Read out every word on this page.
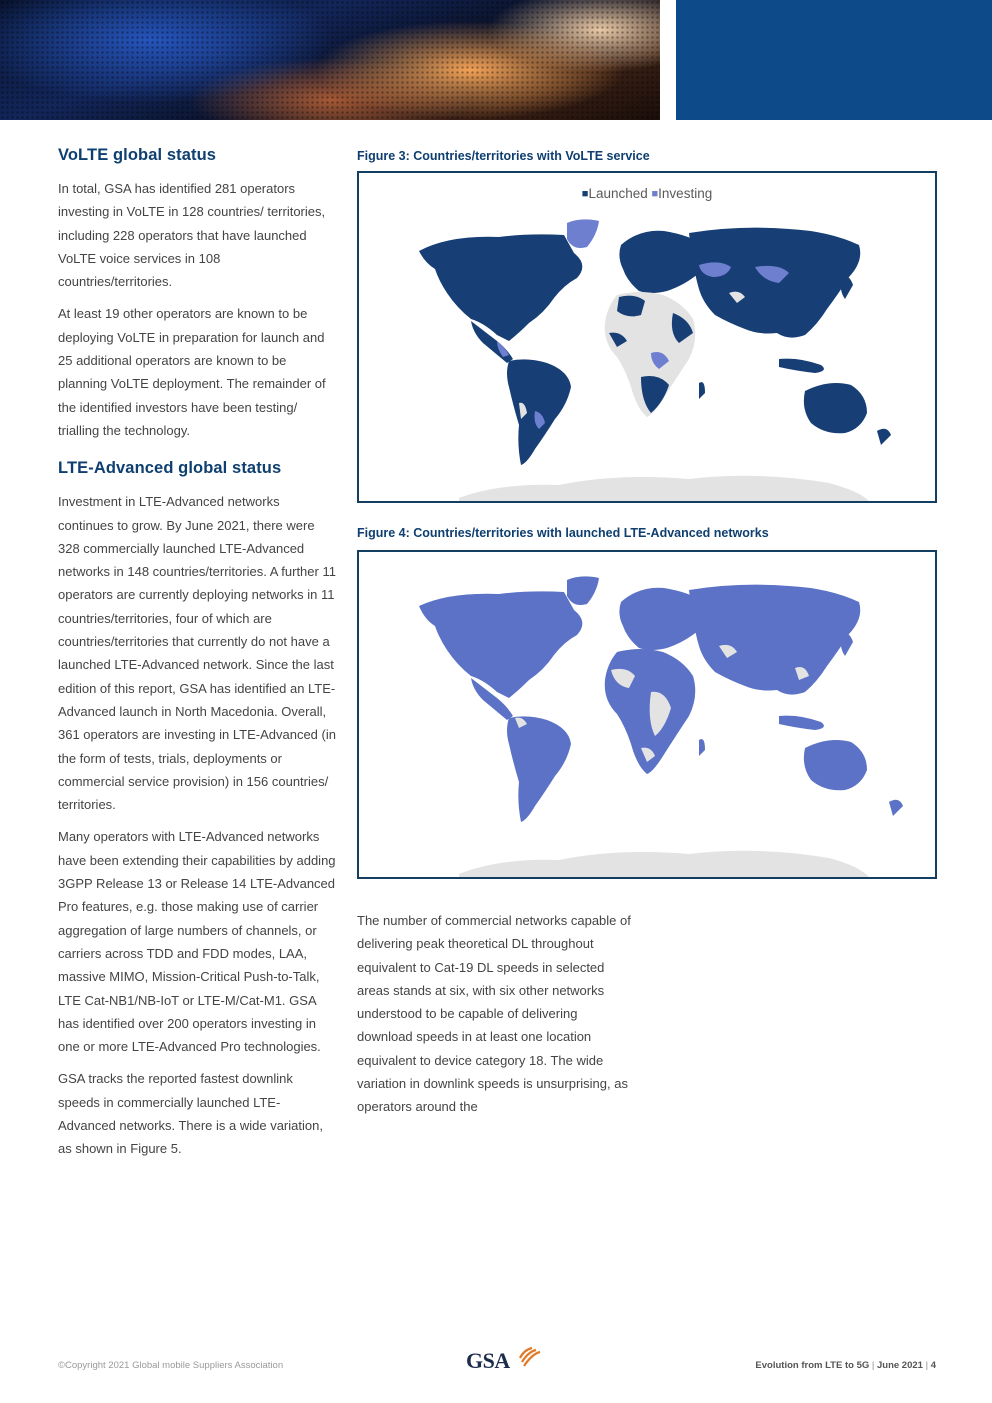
VoLTE global status

In total, GSA has identified 281 operators investing in VoLTE in 128 countries/ territories, including 228 operators that have launched VoLTE voice services in 108 countries/territories.

At least 19 other operators are known to be deploying VoLTE in preparation for launch and 25 additional operators are known to be planning VoLTE deployment. The remainder of the identified investors have been testing/ trialling the technology.

LTE-Advanced global status

Investment in LTE-Advanced networks continues to grow. By June 2021, there were 328 commercially launched LTE-Advanced networks in 148 countries/territories. A further 11 operators are currently deploying networks in 11 countries/territories, four of which are countries/territories that currently do not have a launched LTE-Advanced network. Since the last edition of this report, GSA has identified an LTE-Advanced launch in North Macedonia. Overall, 361 operators are investing in LTE-Advanced (in the form of tests, trials, deployments or commercial service provision) in 156 countries/ territories.

Many operators with LTE-Advanced networks have been extending their capabilities by adding 3GPP Release 13 or Release 14 LTE-Advanced Pro features, e.g. those making use of carrier aggregation of large numbers of channels, or carriers across TDD and FDD modes, LAA, massive MIMO, Mission-Critical Push-to-Talk, LTE Cat-NB1/NB-IoT or LTE-M/Cat-M1. GSA has identified over 200 operators investing in one or more LTE-Advanced Pro technologies.

GSA tracks the reported fastest downlink speeds in commercially launched LTE-Advanced networks. There is a wide variation, as shown in Figure 5.

Figure 3: Countries/territories with VoLTE service
■Launched ■Investing
Figure 4: Countries/territories with launched LTE-Advanced networks

The number of commercial networks capable of delivering peak theoretical DL throughout equivalent to Cat-19 DL speeds in selected areas stands at six, with six other networks understood to be capable of delivering download speeds in at least one location equivalent to device category 18. The wide variation in downlink speeds is unsurprising, as operators around the

©Copyright 2021 Global mobile Suppliers Association	GSA	Evolution from LTE to 5G | June 2021 | 4
